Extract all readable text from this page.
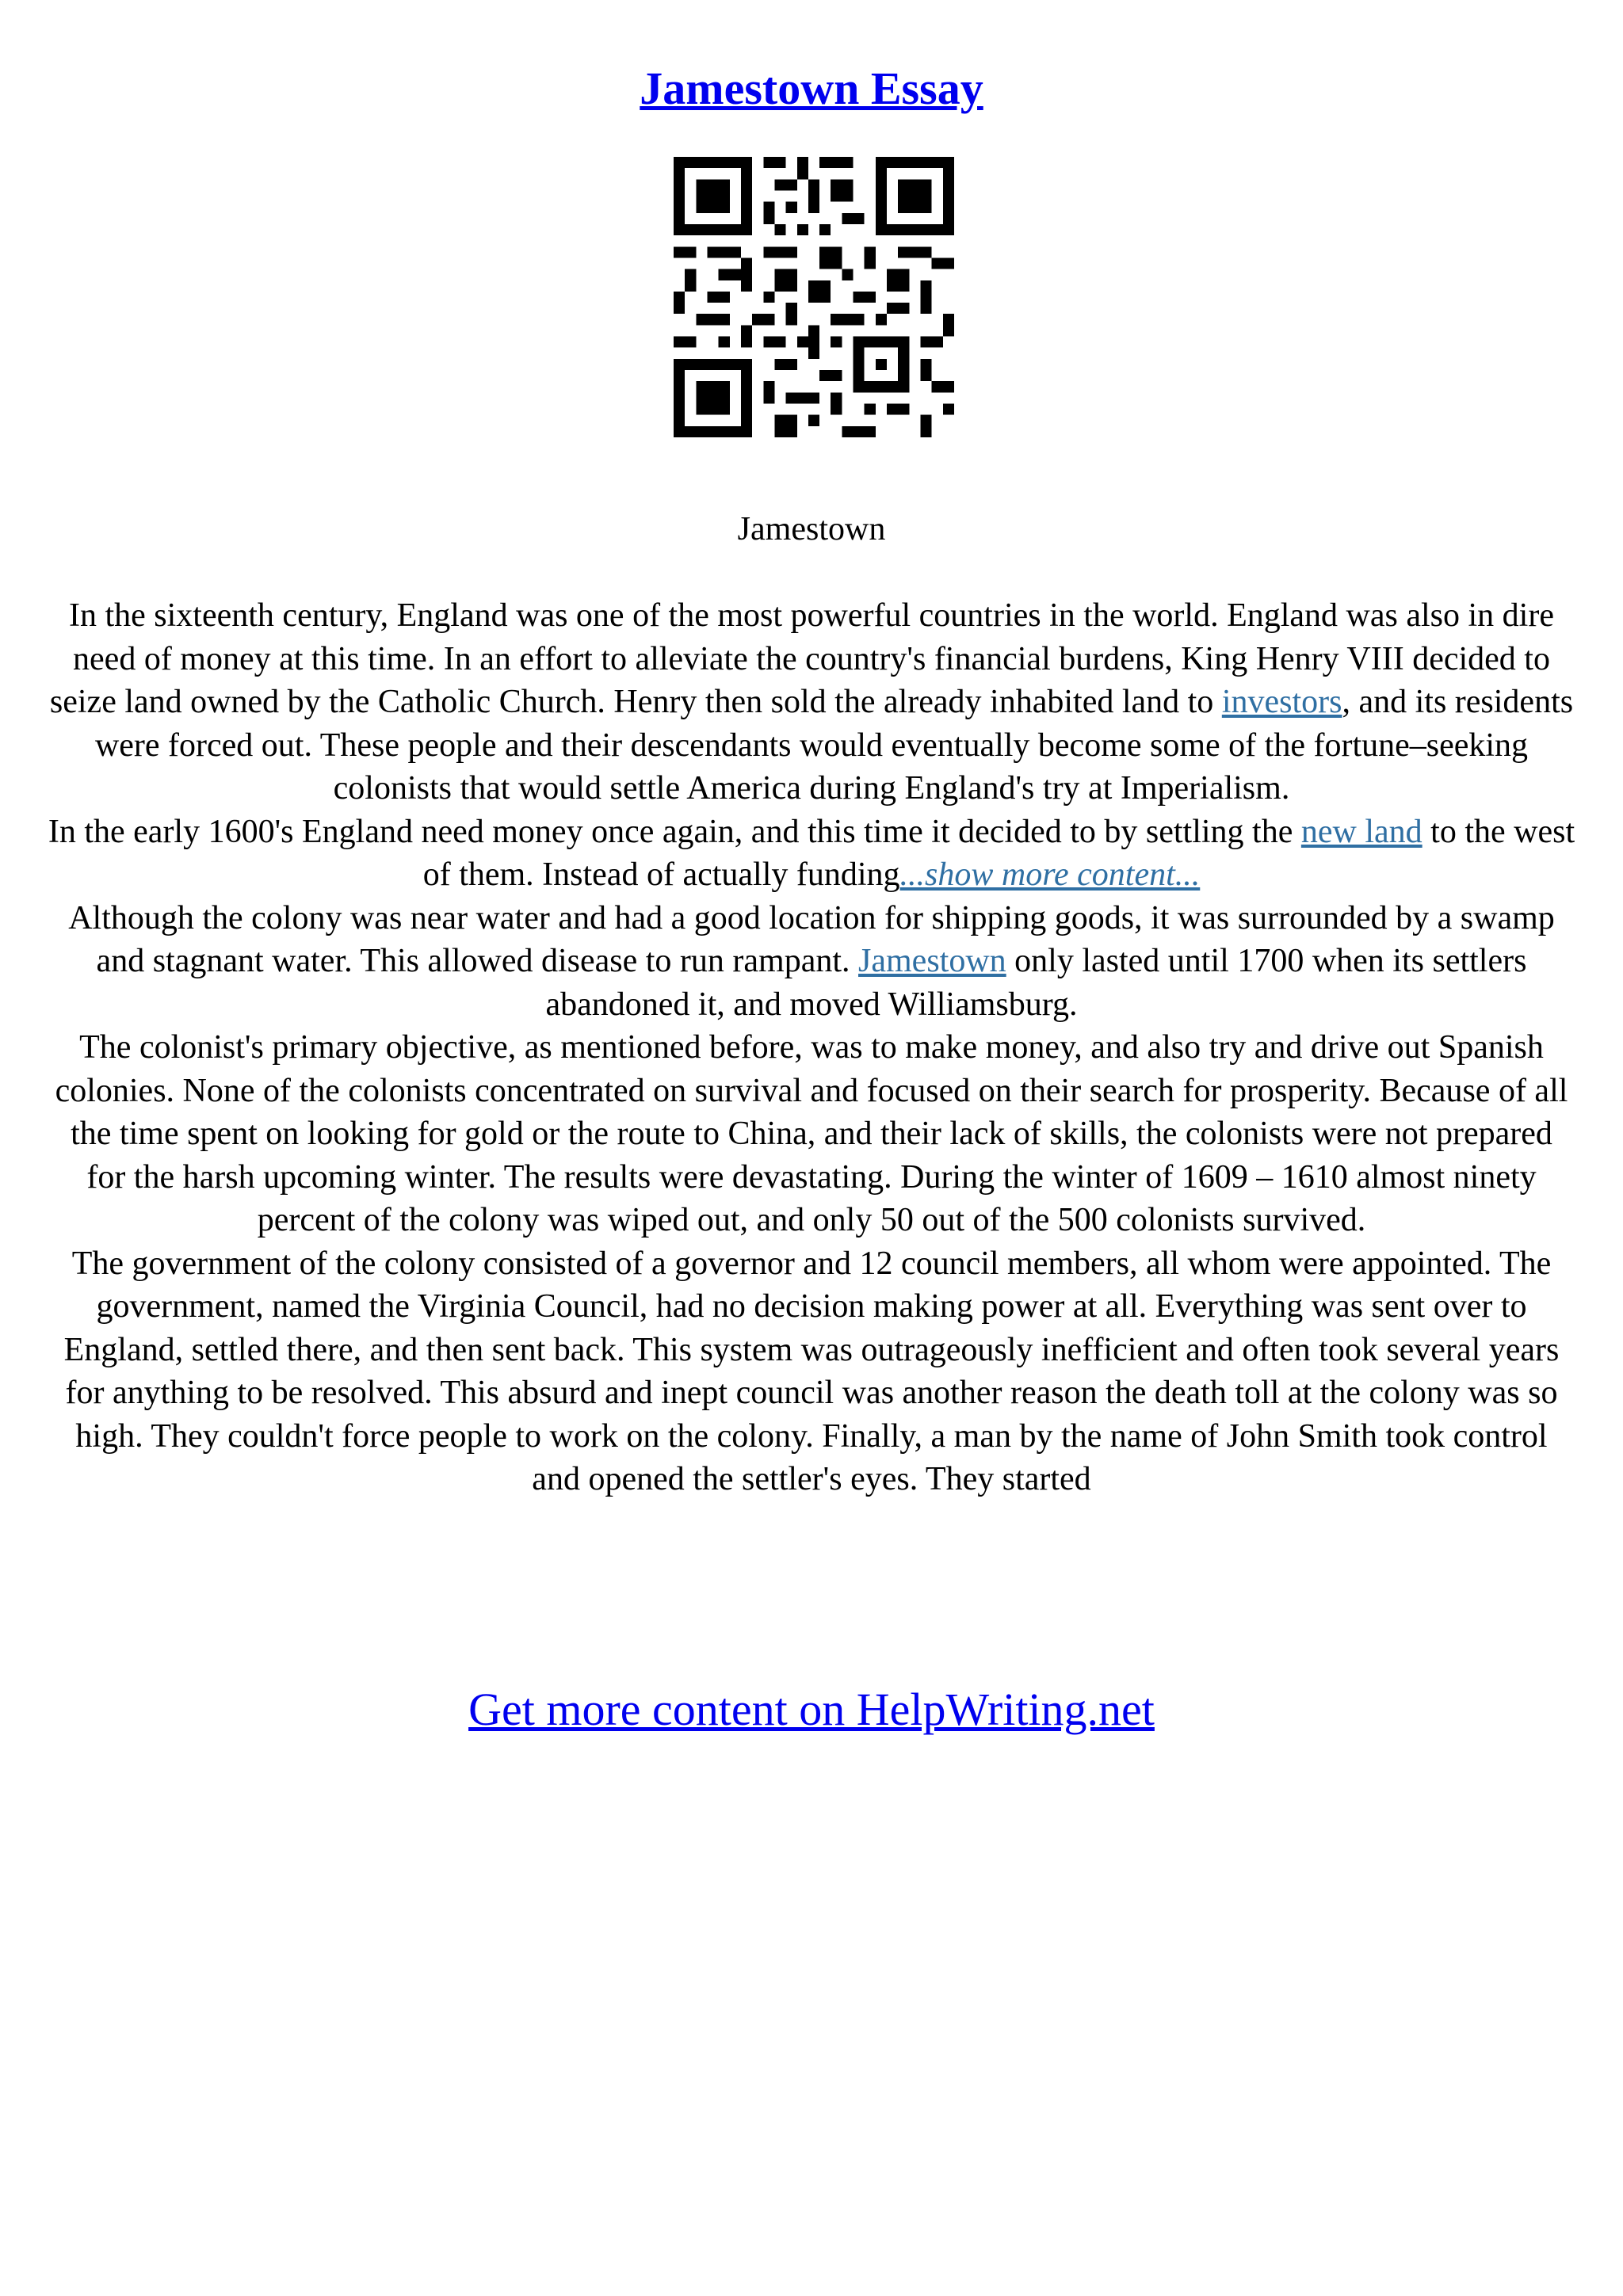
Jamestown Essay
Jamestown

In the sixteenth century, England was one of the most powerful countries in the world. England was also in dire need of money at this time. In an effort to alleviate the country's financial burdens, King Henry VIII decided to seize land owned by the Catholic Church. Henry then sold the already inhabited land to investors, and its residents were forced out. These people and their descendants would eventually become some of the fortune–seeking colonists that would settle America during England's try at Imperialism.

In the early 1600's England need money once again, and this time it decided to by settling the new land to the west of them. Instead of actually funding...show more content...

Although the colony was near water and had a good location for shipping goods, it was surrounded by a swamp and stagnant water. This allowed disease to run rampant. Jamestown only lasted until 1700 when its settlers abandoned it, and moved Williamsburg.

The colonist's primary objective, as mentioned before, was to make money, and also try and drive out Spanish colonies. None of the colonists concentrated on survival and focused on their search for prosperity. Because of all the time spent on looking for gold or the route to China, and their lack of skills, the colonists were not prepared for the harsh upcoming winter. The results were devastating. During the winter of 1609 – 1610 almost ninety percent of the colony was wiped out, and only 50 out of the 500 colonists survived.

The government of the colony consisted of a governor and 12 council members, all whom were appointed. The government, named the Virginia Council, had no decision making power at all. Everything was sent over to England, settled there, and then sent back. This system was outrageously inefficient and often took several years for anything to be resolved. This absurd and inept council was another reason the death toll at the colony was so high. They couldn't force people to work on the colony. Finally, a man by the name of John Smith took control and opened the settler's eyes. They started

Get more content on HelpWriting.net
